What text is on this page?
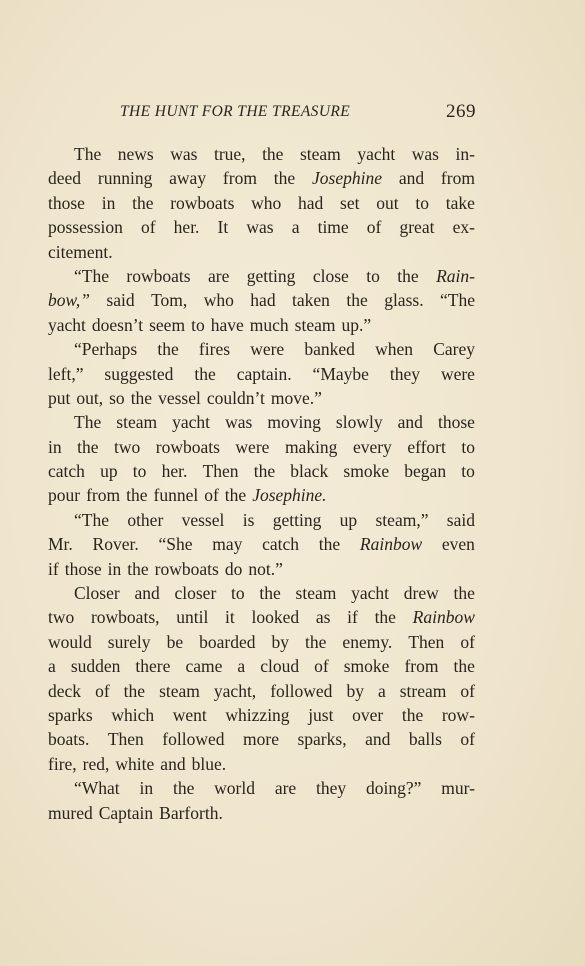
THE HUNT FOR THE TREASURE	269
The news was true, the steam yacht was in-
deed running away from the Josephine and from
those in the rowboats who had set out to take
possession of her. It was a time of great ex-
citement.
“The rowboats are getting close to the Rain-
bow,” said Tom, who had taken the glass. “The
yacht doesn’t seem to have much steam up.”
“Perhaps the fires were banked when Carey
left,” suggested the captain. “Maybe they were
put out, so the vessel couldn’t move.”
The steam yacht was moving slowly and those
in the two rowboats were making every effort to
catch up to her. Then the black smoke began to
pour from the funnel of the Josephine.
“The other vessel is getting up steam,” said
Mr. Rover. “She may catch the Rainbow even
if those in the rowboats do not.”
Closer and closer to the steam yacht drew the
two rowboats, until it looked as if the Rainbow
would surely be boarded by the enemy. Then of
a sudden there came a cloud of smoke from the
deck of the steam yacht, followed by a stream of
sparks which went whizzing just over the row-
boats. Then followed more sparks, and balls of
fire, red, white and blue.
“What in the world are they doing?” mur-
mured Captain Barforth.
